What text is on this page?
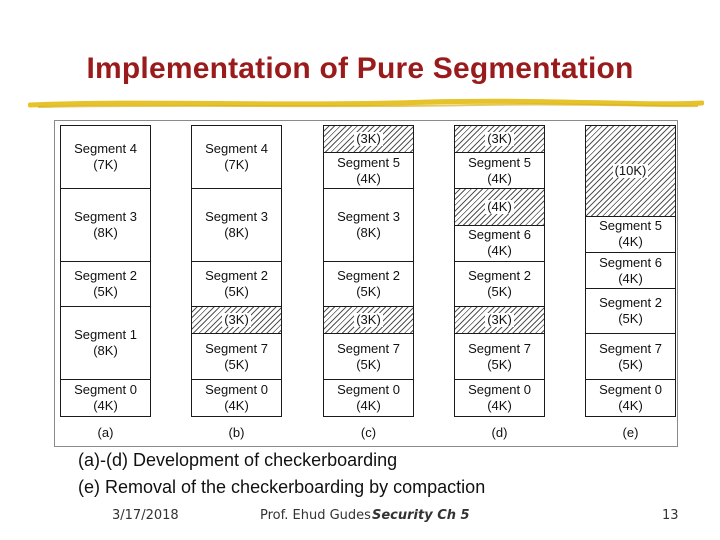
Implementation of Pure Segmentation
Segment 4
(7K)
Segment 3
(8K)
Segment 2
(5K)
Segment 1
(8K)
Segment 0
(4K)
(a)
Segment 4
(7K)
Segment 3
(8K)
Segment 2
(5K)
(3K)
Segment 7
(5K)
Segment 0
(4K)
(b)
(3K)
Segment 5
(4K)
Segment 3
(8K)
Segment 2
(5K)
(3K)
Segment 7
(5K)
Segment 0
(4K)
(c)
(3K)
Segment 5
(4K)
(4K)
Segment 6
(4K)
Segment 2
(5K)
(3K)
Segment 7
(5K)
Segment 0
(4K)
(d)
(10K)
Segment 5
(4K)
Segment 6
(4K)
Segment 2
(5K)
Segment 7
(5K)
Segment 0
(4K)
(e)
(a)-(d) Development of checkerboarding
(e) Removal of the checkerboarding by compaction
3/17/2018	Prof. Ehud Gudes Security Ch 5	13
